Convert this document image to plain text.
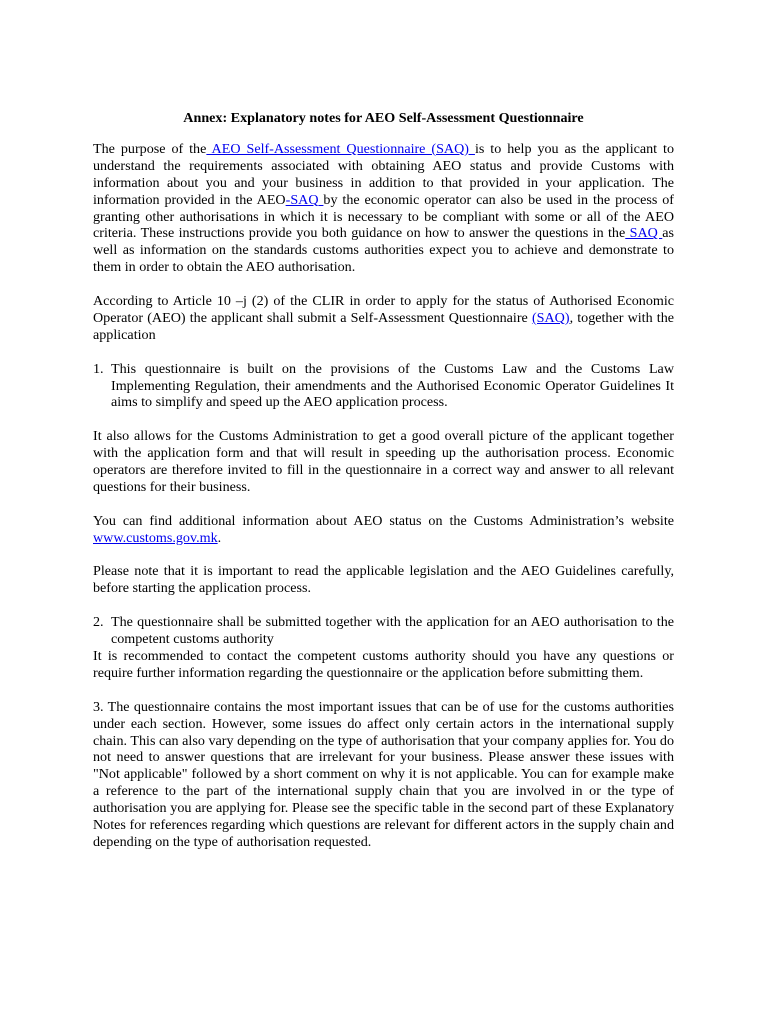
Annex: Explanatory notes for AEO Self-Assessment Questionnaire

The purpose of the AEO Self-Assessment Questionnaire (SAQ) is to help you as the applicant to understand the requirements associated with obtaining AEO status and provide Customs with information about you and your business in addition to that provided in your application. The information provided in the AEO-SAQ by the economic operator can also be used in the process of granting other authorisations in which it is necessary to be compliant with some or all of the AEO criteria. These instructions provide you both guidance on how to answer the questions in the SAQ as well as information on the standards customs authorities expect you to achieve and demonstrate to them in order to obtain the AEO authorisation.

According to Article 10 –j (2) of the CLIR in order to apply for the status of Authorised Economic Operator (AEO) the applicant shall submit a Self-Assessment Questionnaire (SAQ), together with the application

1. This questionnaire is built on the provisions of the Customs Law and the Customs Law Implementing Regulation, their amendments and the Authorised Economic Operator Guidelines It aims to simplify and speed up the AEO application process.

It also allows for the Customs Administration to get a good overall picture of the applicant together with the application form and that will result in speeding up the authorisation process. Economic operators are therefore invited to fill in the questionnaire in a correct way and answer to all relevant questions for their business.

You can find additional information about AEO status on the Customs Administration’s website www.customs.gov.mk.

Please note that it is important to read the applicable legislation and the AEO Guidelines carefully, before starting the application process.

2. The questionnaire shall be submitted together with the application for an AEO authorisation to the competent customs authority

It is recommended to contact the competent customs authority should you have any questions or require further information regarding the questionnaire or the application before submitting them.

3. The questionnaire contains the most important issues that can be of use for the customs authorities under each section. However, some issues do affect only certain actors in the international supply chain. This can also vary depending on the type of authorisation that your company applies for. You do not need to answer questions that are irrelevant for your business. Please answer these issues with "Not applicable" followed by a short comment on why it is not applicable. You can for example make a reference to the part of the international supply chain that you are involved in or the type of authorisation you are applying for. Please see the specific table in the second part of these Explanatory Notes for references regarding which questions are relevant for different actors in the supply chain and depending on the type of authorisation requested.
